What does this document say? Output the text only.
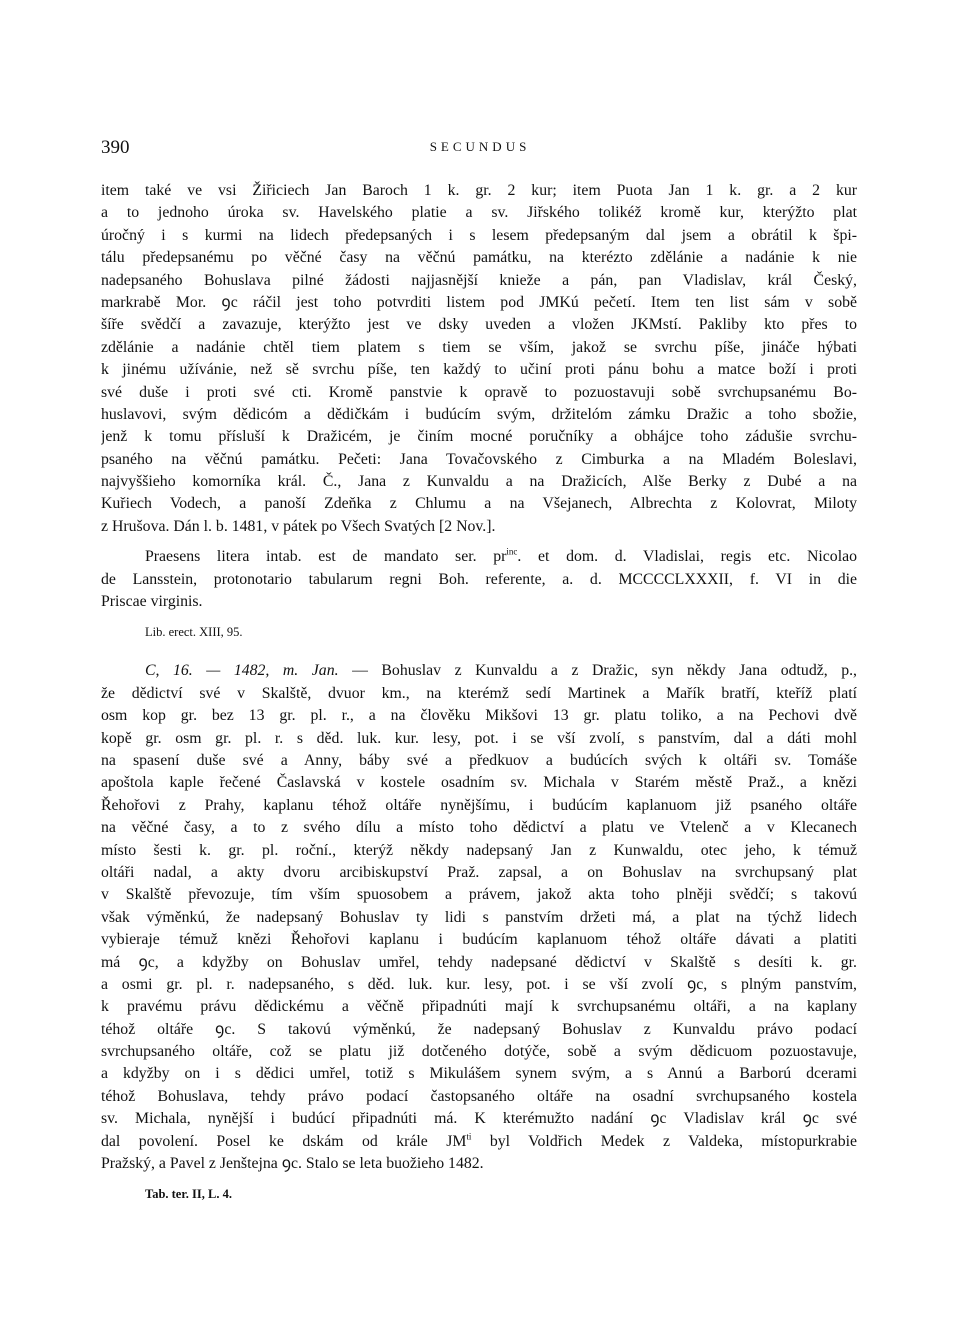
390	SECUNDUS
item také ve vsi Žiřiciech Jan Baroch 1 k. gr. 2 kur; item Puota Jan 1 k. gr. a 2 kur
a to jednoho úroka sv. Havelského platie a sv. Jiřského tolikéž kromě kur, kterýžto plat
úročný i s kurmi na lidech předepsaných i s lesem předepsaným dal jsem a obrátil k špi-
tálu předepsanému po věčné časy na věčnú památku, na kterézto zdělánie a nadánie k nie
nadepsaného Bohuslava pilné žádosti najjasnější knieže a pán, pan Vladislav, král Český,
markrabě Mor. ꝯc ráčil jest toho potvrditi listem pod JMKú pečetí. Item ten list sám v sobě
šíře svědčí a zavazuje, kterýžto jest ve dsky uveden a vložen JKMstí. Pakliby kto přes to
zdělánie a nadánie chtěl tiem platem s tiem se vším, jakož se svrchu píše, jináče hýbati
k jinému užívánie, než sě svrchu píše, ten každý to učiní proti pánu bohu a matce boží i proti
své duše i proti své cti. Kromě panstvie k opravě to pozuostavuji sobě svrchupsanému Bo-
huslavovi, svým dědicóm a dědičkám i budúcím svým, držitelóm zámku Dražic a toho sbožie,
jenž k tomu přísluší k Dražicém, je činím mocné poručníky a obhájce toho zádušie svrchu-
psaného na věčnú památku. Pečeti: Jana Tovačovského z Cimburka a na Mladém Boleslavi,
najvyššieho komorníka král. Č., Jana z Kunvaldu a na Dražicích, Alše Berky z Dubé a na
Kuřiech Vodech, a panoší Zdeňka z Chlumu a na Všejanech, Albrechta z Kolovrat, Miloty
z Hrušova. Dán l. b. 1481, v pátek po Všech Svatých [2 Nov.].
Praesens litera intab. est de mandato ser. $pr^{inc}$. et dom. d. Vladislai, regis etc. Nicolao
de Lansstein, protonotario tabularum regni Boh. referente, a. d. MCCCCLXXXII, f. VI in die
Priscae virginis.
Lib. erect. XIII, 95.
C, 16. — 1482, m. Jan. — Bohuslav z Kunvaldu a z Dražic, syn někdy Jana odtudž, p.,
že dědictví své v Skalště, dvuor km., na kterémž sedí Martinek a Mařík bratří, kteříž platí
osm kop gr. bez 13 gr. pl. r., a na člověku Mikšovi 13 gr. platu toliko, a na Pechovi dvě
kopě gr. osm gr. pl. r. s děd. luk. kur. lesy, pot. i se vší zvolí, s panstvím, dal a dáti mohl
na spasení duše své a Anny, báby své a předkuov a budúcích svých k oltáři sv. Tomáše
apoštola kaple řečené Časlavská v kostele osadním sv. Michala v Starém městě Praž., a knězi
Řehořovi z Prahy, kaplanu téhož oltáře nynějšímu, i budúcím kaplanuom již psaného oltáře
na věčné časy, a to z svého dílu a místo toho dědictví a platu ve Vtelenč a v Klecanech
místo šesti k. gr. pl. roční., kterýž někdy nadepsaný Jan z Kunwaldu, otec jeho, k témuž
oltáři nadal, a akty dvoru arcibiskupství Praž. zapsal, a on Bohuslav na svrchupsaný plat
v Skalště převozuje, tím vším spuosobem a právem, jakož akta toho plněji svědčí; s takovú
však výměnkú, že nadepsaný Bohuslav ty lidi s panstvím držeti má, a plat na týchž lidech
vybieraje témuž knězi Řehořovi kaplanu i budúcím kaplanuom téhož oltáře dávati a platiti
má ꝯc, a kdyžby on Bohuslav umřel, tehdy nadepsané dědictví v Skalště s desíti k. gr.
a osmi gr. pl. r. nadepsaného, s děd. luk. kur. lesy, pot. i se vší zvolí ꝯc, s plným panstvím,
k pravému právu dědickému a věčně připadnúti mají k svrchupsanému oltáři, a na kaplany
téhož oltáře ꝯc. S takovú výměnkú, že nadepsaný Bohuslav z Kunvaldu právo podací
svrchupsaného oltáře, což se platu již dotčeného dotýče, sobě a svým dědicuom pozuostavuje,
a kdyžby on i s dědici umřel, totiž s Mikulášem synem svým, a s Annú a Barború dcerami
téhož Bohuslava, tehdy právo podací častopsaného oltáře na osadní svrchupsaného kostela
sv. Michala, nynější i budúcí připadnúti má. K kterémužto nadání ꝯc Vladislav král ꝯc své
dal povolení. Posel ke dskám od krále $JM^{ti}$ byl Voldřich Medek z Valdeka, místopurkrabie
Pražský, a Pavel z Jenštejna ꝯc. Stalo se leta buožieho 1482.
Tab. ter. II, L. 4.
